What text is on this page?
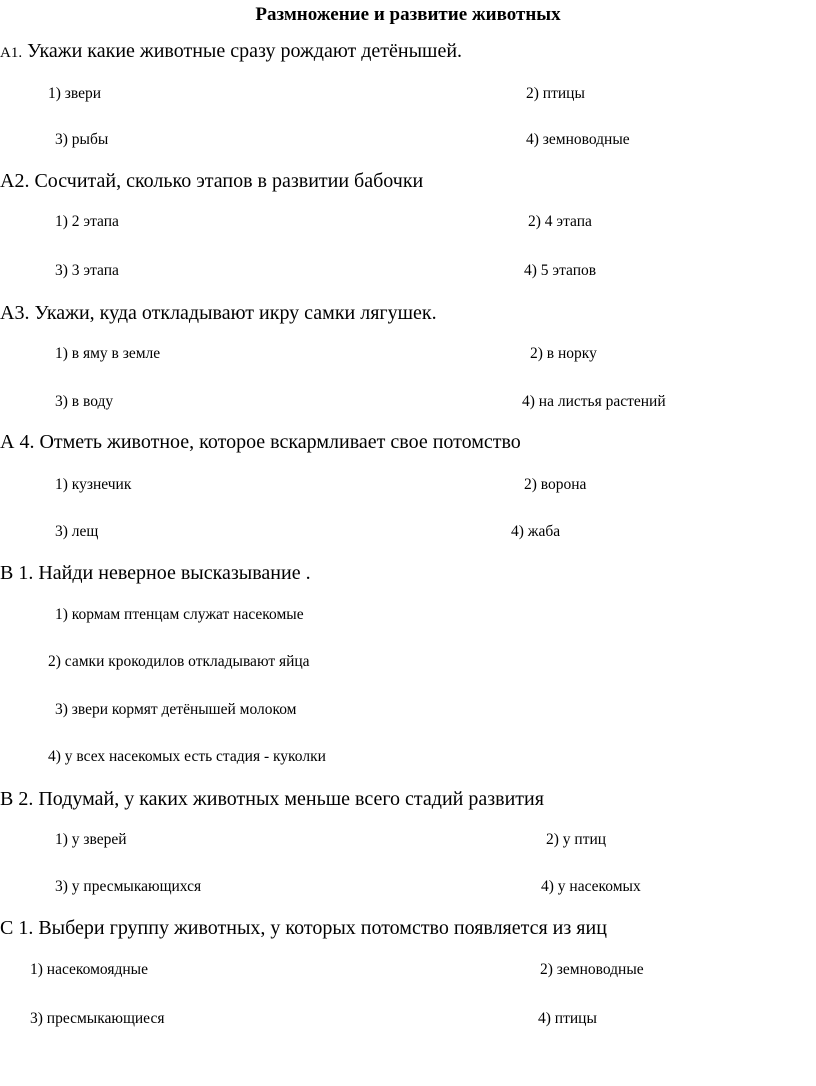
Размножение и развитие животных
А1. Укажи какие животные сразу рождают детёнышей.
1) звери	2) птицы
3) рыбы	4) земноводные
А2. Сосчитай, сколько этапов в развитии бабочки
1) 2 этапа	2) 4 этапа
3) 3 этапа	4) 5 этапов
А3. Укажи, куда откладывают икру самки лягушек.
1) в яму в земле	2) в норку
3) в воду	4) на листья растений
А 4. Отметь животное, которое вскармливает свое потомство
1) кузнечик	2) ворона
3) лещ	4) жаба
В 1. Найди неверное высказывание .
1) кормам птенцам служат насекомые
2) самки крокодилов откладывают яйца
3) звери кормят детёнышей молоком
4) у всех насекомых есть стадия - куколки
В 2. Подумай, у каких животных меньше всего стадий развития
1) у зверей	2) у птиц
3) у пресмыкающихся	4) у насекомых
С 1. Выбери группу животных, у которых потомство появляется из яиц
1) насекомоядные	2) земноводные
3) пресмыкающиеся	4) птицы
